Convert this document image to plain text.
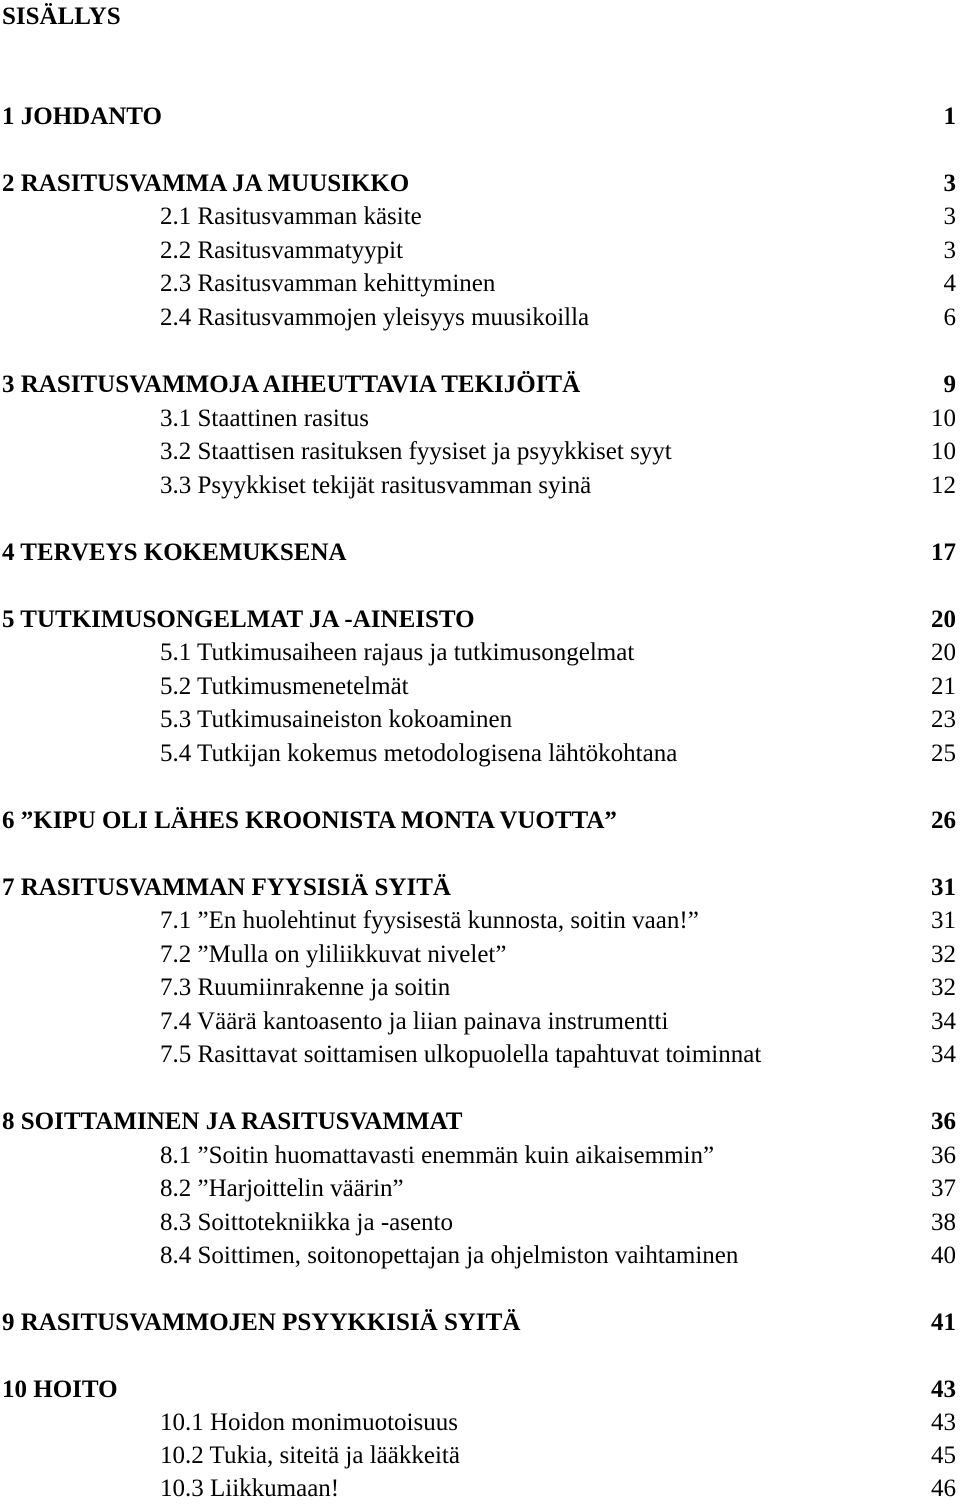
SISÄLLYS
1 JOHDANTO	1
2 RASITUSVAMMA JA MUUSIKKO	3
2.1 Rasitusvamman käsite	3
2.2 Rasitusvammatyypit	3
2.3 Rasitusvamman kehittyminen	4
2.4 Rasitusvammojen yleisyys muusikoilla	6
3 RASITUSVAMMOJA AIHEUTTAVIA TEKIJÖITÄ	9
3.1 Staattinen rasitus	10
3.2 Staattisen rasituksen fyysiset ja psyykkiset syyt	10
3.3 Psyykkiset tekijät rasitusvamman syinä	12
4 TERVEYS KOKEMUKSENA	17
5 TUTKIMUSONGELMAT JA -AINEISTO	20
5.1 Tutkimusaiheen rajaus ja tutkimusongelmat	20
5.2 Tutkimusmenetelmät	21
5.3 Tutkimusaineiston kokoaminen	23
5.4 Tutkijan kokemus metodologisena lähtökohtana	25
6 ”KIPU OLI LÄHES KROONISTA MONTA VUOTTA”	26
7 RASITUSVAMMAN FYYSISIÄ SYITÄ	31
7.1 ”En huolehtinut fyysisestä kunnosta, soitin vaan!”	31
7.2 ”Mulla on yliliikkuvat nivelet”	32
7.3 Ruumiinrakenne ja soitin	32
7.4 Väärä kantoasento ja liian painava instrumentti	34
7.5 Rasittavat soittamisen ulkopuolella tapahtuvat toiminnat	34
8 SOITTAMINEN JA RASITUSVAMMAT	36
8.1 ”Soitin huomattavasti enemmän kuin aikaisemmin”	36
8.2 ”Harjoittelin väärin”	37
8.3 Soittotekniikka ja -asento	38
8.4 Soittimen, soitonopettajan ja ohjelmiston vaihtaminen	40
9 RASITUSVAMMOJEN PSYYKKISIÄ SYITÄ	41
10 HOITO	43
10.1 Hoidon monimuotoisuus	43
10.2 Tukia, siteitä ja lääkkeitä	45
10.3 Liikkumaan!	46
